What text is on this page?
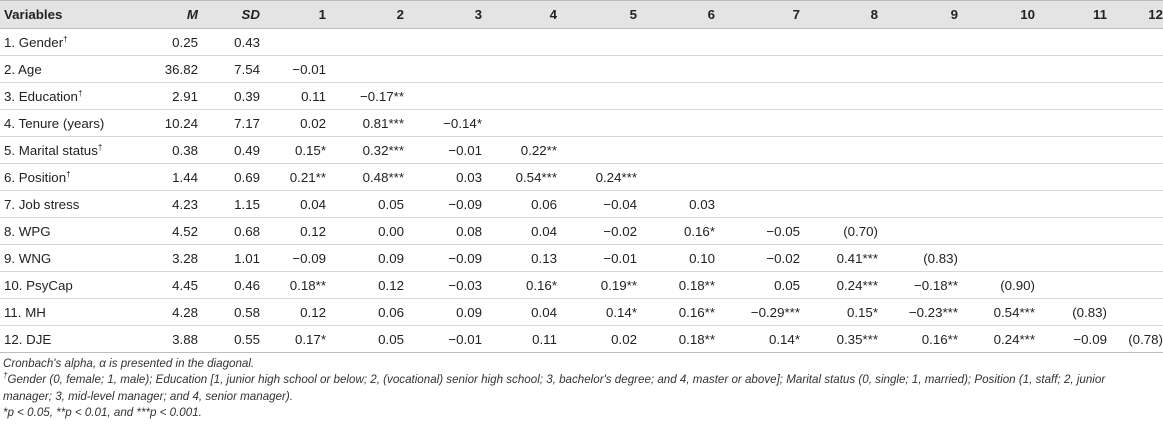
Variables	M	SD	1	2	3	4	5	6	7	8	9	10	11	12
1. Gender†	0.25	0.43												
2. Age	36.82	7.54	−0.01											
3. Education†	2.91	0.39	0.11	−0.17**										
4. Tenure (years)	10.24	7.17	0.02	0.81***	−0.14*									
5. Marital status†	0.38	0.49	0.15*	0.32***	−0.01	0.22**								
6. Position†	1.44	0.69	0.21**	0.48***	0.03	0.54***	0.24***							
7. Job stress	4.23	1.15	0.04	0.05	−0.09	0.06	−0.04	0.03						
8. WPG	4.52	0.68	0.12	0.00	0.08	0.04	−0.02	0.16*	−0.05	(0.70)				
9. WNG	3.28	1.01	−0.09	0.09	−0.09	0.13	−0.01	0.10	−0.02	0.41***	(0.83)			
10. PsyCap	4.45	0.46	0.18**	0.12	−0.03	0.16*	0.19**	0.18**	0.05	0.24***	−0.18**	(0.90)		
11. MH	4.28	0.58	0.12	0.06	0.09	0.04	0.14*	0.16**	−0.29***	0.15*	−0.23***	0.54***	(0.83)	
12. DJE	3.88	0.55	0.17*	0.05	−0.01	0.11	0.02	0.18**	0.14*	0.35***	0.16**	0.24***	−0.09	(0.78)

Cronbach's alpha, α is presented in the diagonal.

†Gender (0, female; 1, male); Education [1, junior high school or below; 2, (vocational) senior high school; 3, bachelor's degree; and 4, master or above]; Marital status (0, single; 1, married); Position (1, staff; 2, junior manager; 3, mid-level manager; and 4, senior manager).

*p < 0.05, **p < 0.01, and ***p < 0.001.
